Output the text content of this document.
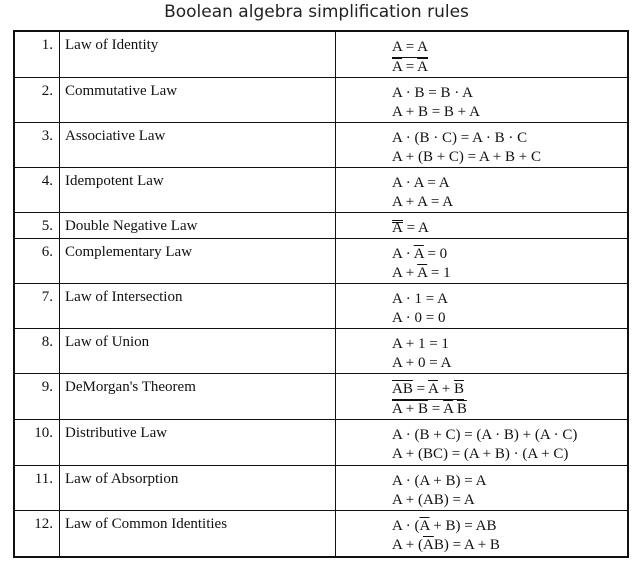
Boolean algebra simplification rules
1.	Law of Identity	A = A
$\overline{A} = \overline{A}$

2.	Commutative Law	A · B = B · A
A + B = B + A

3.	Associative Law	A · (B · C) = A · B · C
A + (B + C) = A + B + C

4.	Idempotent Law	A · A = A
A + A = A

5.	Double Negative Law	A = A

6.	Complementary Law	$A \cdot \overline{A} = 0$
$A + \overline{A} = 1$

7.	Law of Intersection	A · 1 = A
A · 0 = 0

8.	Law of Union	A + 1 = 1
A + 0 = A

9.	DeMorgan's Theorem	$\overline{AB} = \overline{A} + \overline{B}$
$A + B = \overline{A}$ $\overline{B}$

10.	Distributive Law	A · (B + C) = (A · B) + (A · C)
A + (BC) = (A + B) · (A + C)

11.	Law of Absorption	A · (A + B) = A
A + (AB) = A

12.	Law of Common Identities	$A \cdot (\overline{A} + B)$ = AB
$A + (\overline{A}B) = A + B$
